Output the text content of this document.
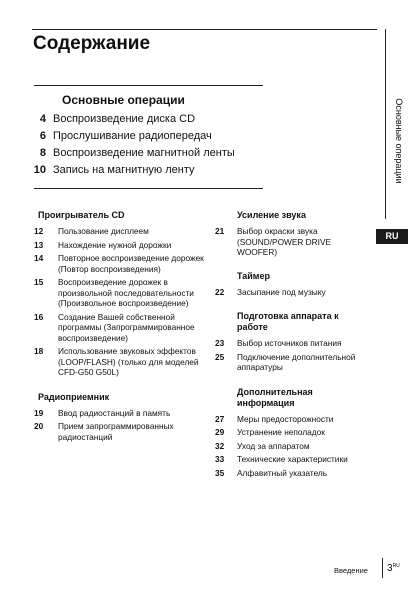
Содержание
Основные операции
4 Воспроизведение диска CD
6 Прослушивание радиопередач
8 Воспроизведение магнитной ленты
10 Запись на магнитную ленту
Проигрыватель CD
12	Пользование дисплеем
13	Нахождение нужной дорожки
14	Повторное воспроизведение дорожек (Повтор воспроизведения)
15	Воспроизведение дорожек в произвольной последовательности (Произвольное воспроизведение)
16	Создание Вашей собственной программы (Запрограммированное воспроизведение)
18	Использование звуковых эффектов (LOOP/FLASH) (только для моделей CFD-G50 G50L)
Радиоприемник
19	Ввод радиостанций в память
20	Прием запрограммированных радиостанций
Усиление звука
21	Выбор окраски звука (SOUND/POWER DRIVE WOOFER)
Таймер
22	Засыпание под музыку
Подготовка аппарата к работе
23	Выбор источников питания
25	Подключение дополнительной аппаратуры
Дополнительная информация
27	Меры предосторожности
29	Устранение неполадок
32	Уход за аппаратом
33	Технические характеристики
35	Алфавитный указатель
Основные операции
RU
Введение $3^{RU}$
